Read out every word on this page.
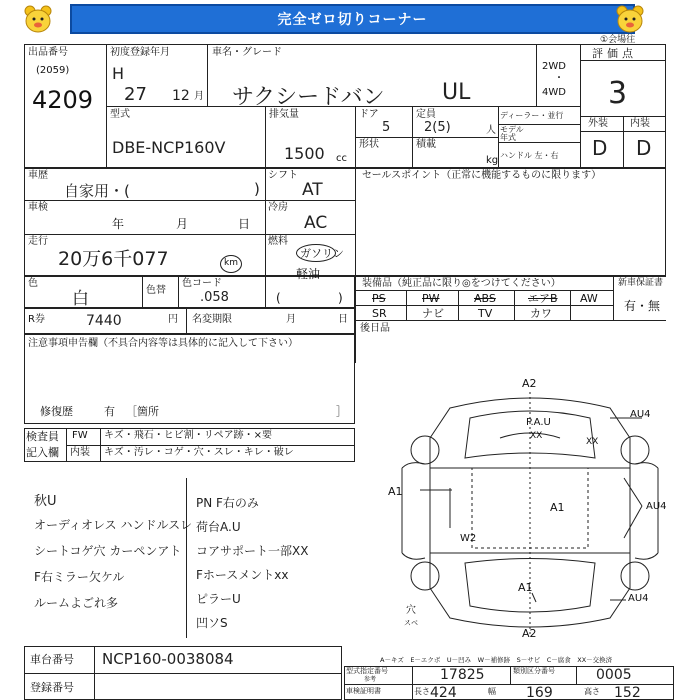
完全ゼロ切りコーナー
①会場往
出品番号
(2059)
4209
初度登録年月
H
27 12 月
車名・グレード
サクシードバン	UL
2WD
・
4WD
評価点
3
外装 内装
D D
型式
DBE-NCP160V
排気量
1500 cc
ドア
5
定員
2(5)	人
形状	積載
kg
ディーラー・並行
モデル
年式
ハンドル 左・右
車歴
自家用・(	)
シフト
AT
セールスポイント（正常に機能するものに限ります）
車検
年	月	日
冷房
AC
走行
20万6千077	km
燃料
ガソリン
軽油
色
白	色替
色コード
.058	(	)
装備品（純正品に限り◎をつけてください）	新車保証書
有・無
PS	PW	ABS	エアB AW
SR	ナビ	TV	カワ
R券	7440	円 名変期限	月	日
後日品
注意事項申告欄（不具合内容等は具体的に記入して下さい）
修復歴	有 ［箇所	］
検査員
記入欄
FW キズ・飛石・ヒビ割・リペア跡・×要
内装 キズ・汚レ・コゲ・穴・スレ・キレ・破レ
秋U
オーディオレス ハンドルスレ
シートコゲ穴 カーペンアト
F右ミラー欠ケル
ルームよごれ多
PN F右のみ
荷台A.U
コアサポート一部XX
Fホースメントxx
ピラーU
凹ソS
A2
P.A.U
XX
XX
AU4
A1
AU4
W2
A1
AU4
A1
A2
穴
スベ
車台番号 NCP160-0038084
登録番号
A－キズ　E－エクボ　U－凹み　W－補修跡　S－サビ　C－腐食　XX－交換済
型式指定番号
参考	17825	類別区分番号	0005
車検証明書	長さ 424	幅 169	高さ 152
